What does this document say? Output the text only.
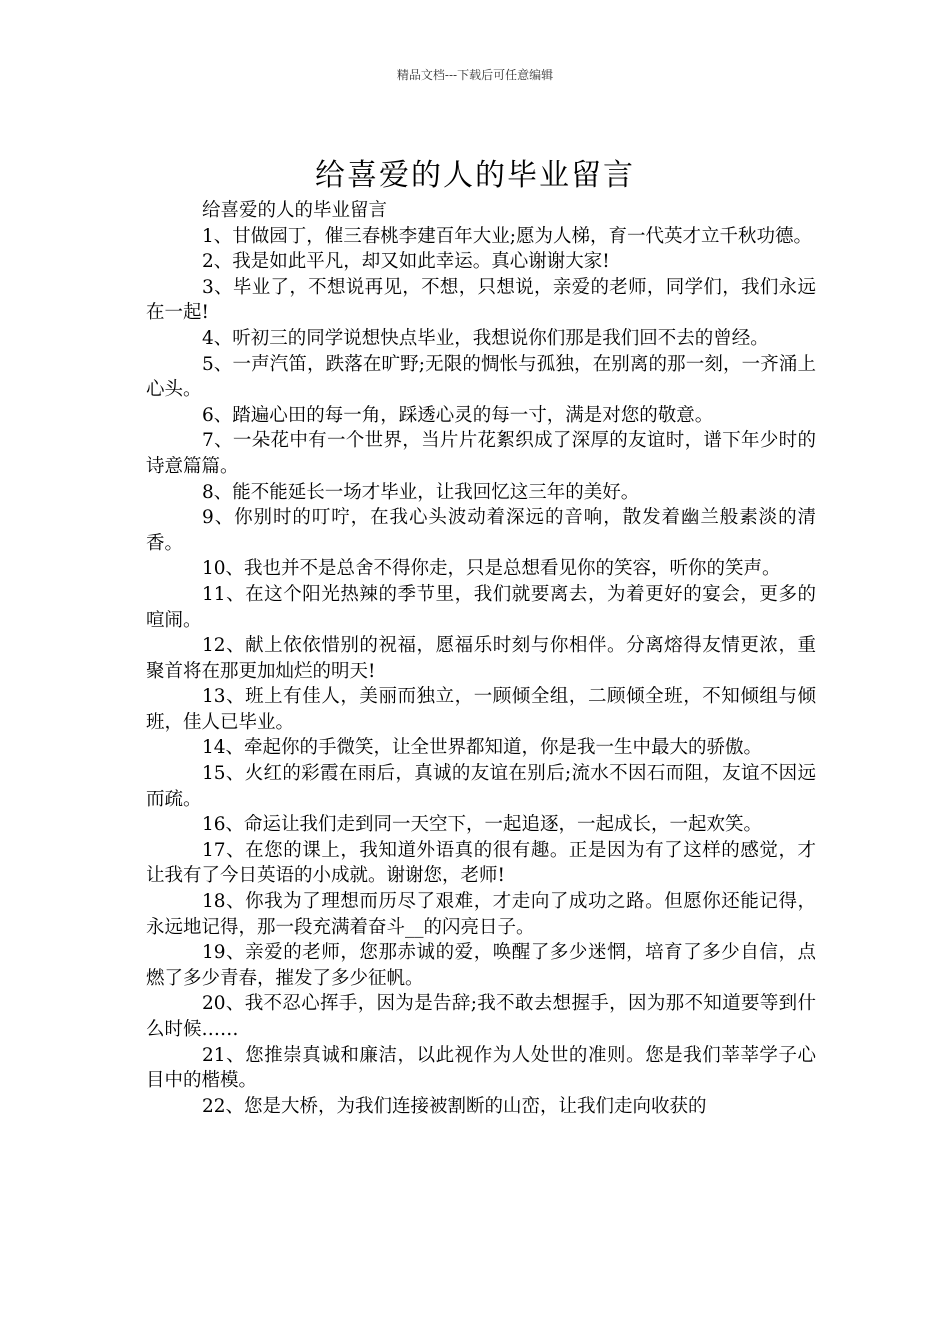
精品文档---下载后可任意编辑
给喜爱的人的毕业留言

给喜爱的人的毕业留言

1、甘做园丁，催三春桃李建百年大业;愿为人梯，育一代英才立千秋功德。

2、我是如此平凡，却又如此幸运。真心谢谢大家!

3、毕业了，不想说再见，不想，只想说，亲爱的老师，同学们，我们永远在一起!

4、听初三的同学说想快点毕业，我想说你们那是我们回不去的曾经。

5、一声汽笛，跌落在旷野;无限的惆怅与孤独，在别离的那一刻，一齐涌上心头。

6、踏遍心田的每一角，踩透心灵的每一寸，满是对您的敬意。

7、一朵花中有一个世界，当片片花絮织成了深厚的友谊时，谱下年少时的诗意篇篇。

8、能不能延长一场才毕业，让我回忆这三年的美好。

9、你别时的叮咛，在我心头波动着深远的音响，散发着幽兰般素淡的清香。

10、我也并不是总舍不得你走，只是总想看见你的笑容，听你的笑声。

11、在这个阳光热辣的季节里，我们就要离去，为着更好的宴会，更多的喧闹。

12、献上依依惜别的祝福，愿福乐时刻与你相伴。分离熔得友情更浓，重聚首将在那更加灿烂的明天!

13、班上有佳人，美丽而独立，一顾倾全组，二顾倾全班，不知倾组与倾班，佳人已毕业。

14、牵起你的手微笑，让全世界都知道，你是我一生中最大的骄傲。

15、火红的彩霞在雨后，真诚的友谊在别后;流水不因石而阻，友谊不因远而疏。

16、命运让我们走到同一天空下，一起追逐，一起成长，一起欢笑。

17、在您的课上，我知道外语真的很有趣。正是因为有了这样的感觉，才让我有了今日英语的小成就。谢谢您，老师!

18、你我为了理想而历尽了艰难，才走向了成功之路。但愿你还能记得，永远地记得，那一段充满着奋斗__的闪亮日子。

19、亲爱的老师，您那赤诚的爱，唤醒了多少迷惘，培育了多少自信，点燃了多少青春，摧发了多少征帆。

20、我不忍心挥手，因为是告辞;我不敢去想握手，因为那不知道要等到什么时候……

21、您推崇真诚和廉洁，以此视作为人处世的准则。您是我们莘莘学子心目中的楷模。

22、您是大桥，为我们连接被割断的山峦，让我们走向收获的
